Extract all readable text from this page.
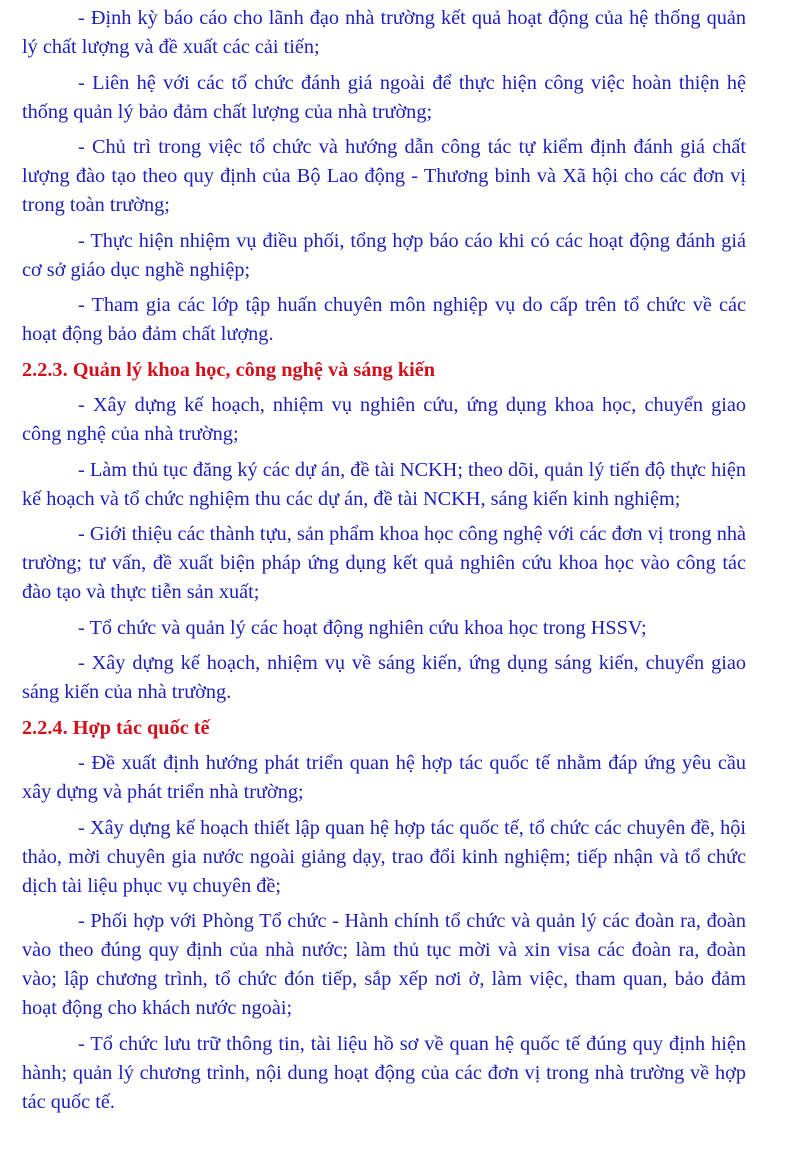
- Định kỳ báo cáo cho lãnh đạo nhà trường kết quả hoạt động của hệ thống quản lý chất lượng và đề xuất các cải tiến;

- Liên hệ với các tổ chức đánh giá ngoài để thực hiện công việc hoàn thiện hệ thống quản lý bảo đảm chất lượng của nhà trường;

- Chủ trì trong việc tổ chức và hướng dẫn công tác tự kiểm định đánh giá chất lượng đào tạo theo quy định của Bộ Lao động - Thương binh và Xã hội cho các đơn vị trong toàn trường;

- Thực hiện nhiệm vụ điều phối, tổng hợp báo cáo khi có các hoạt động đánh giá cơ sở giáo dục nghề nghiệp;

- Tham gia các lớp tập huấn chuyên môn nghiệp vụ do cấp trên tổ chức về các hoạt động bảo đảm chất lượng.

2.2.3. Quản lý khoa học, công nghệ và sáng kiến

- Xây dựng kế hoạch, nhiệm vụ nghiên cứu, ứng dụng khoa học, chuyển giao công nghệ của nhà trường;

- Làm thủ tục đăng ký các dự án, đề tài NCKH; theo dõi, quản lý tiến độ thực hiện kế hoạch và tổ chức nghiệm thu các dự án, đề tài NCKH, sáng kiến kinh nghiệm;

- Giới thiệu các thành tựu, sản phẩm khoa học công nghệ với các đơn vị trong nhà trường; tư vấn, đề xuất biện pháp ứng dụng kết quả nghiên cứu khoa học vào công tác đào tạo và thực tiễn sản xuất;

- Tổ chức và quản lý các hoạt động nghiên cứu khoa học trong HSSV;

- Xây dựng kế hoạch, nhiệm vụ về sáng kiến, ứng dụng sáng kiến, chuyển giao sáng kiến của nhà trường.

2.2.4. Hợp tác quốc tế

- Đề xuất định hướng phát triển quan hệ hợp tác quốc tế nhằm đáp ứng yêu cầu xây dựng và phát triển nhà trường;

- Xây dựng kế hoạch thiết lập quan hệ hợp tác quốc tế, tổ chức các chuyên đề, hội thảo, mời chuyên gia nước ngoài giảng dạy, trao đổi kinh nghiệm; tiếp nhận và tổ chức dịch tài liệu phục vụ chuyên đề;

- Phối hợp với Phòng Tổ chức - Hành chính tổ chức và quản lý các đoàn ra, đoàn vào theo đúng quy định của nhà nước; làm thủ tục mời và xin visa các đoàn ra, đoàn vào; lập chương trình, tổ chức đón tiếp, sắp xếp nơi ở, làm việc, tham quan, bảo đảm hoạt động cho khách nước ngoài;

- Tổ chức lưu trữ thông tin, tài liệu hồ sơ về quan hệ quốc tế đúng quy định hiện hành; quản lý chương trình, nội dung hoạt động của các đơn vị trong nhà trường về hợp tác quốc tế.
